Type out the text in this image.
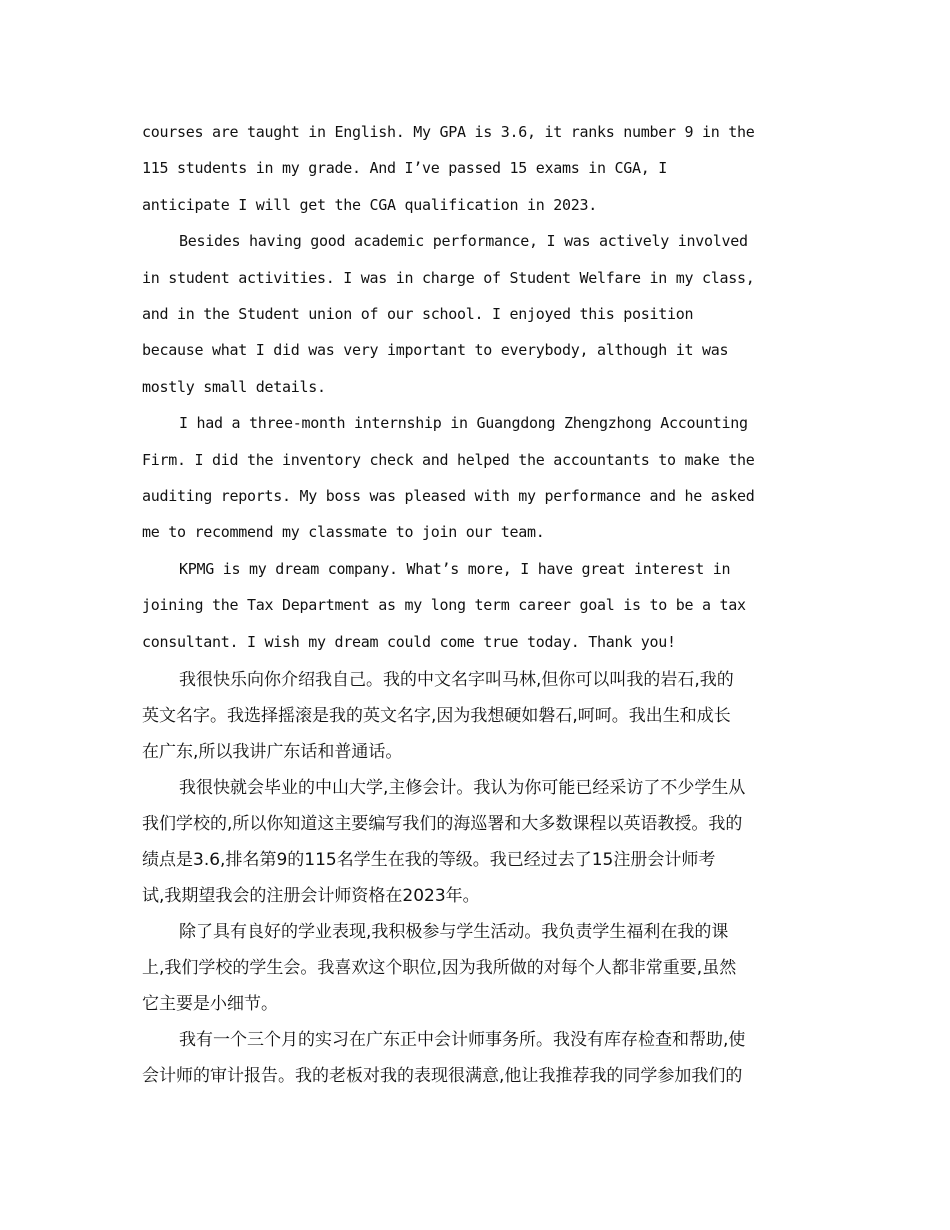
courses are taught in English. My GPA is 3.6, it ranks number 9 in the

115 students in my grade. And I’ve passed 15 exams in CGA, I

anticipate I will get the CGA qualification in 2023.

Besides having good academic performance, I was actively involved

in student activities. I was in charge of Student Welfare in my class,

and in the Student union of our school. I enjoyed this position

because what I did was very important to everybody, although it was

mostly small details.

I had a three-month internship in Guangdong Zhengzhong Accounting

Firm. I did the inventory check and helped the accountants to make the

auditing reports. My boss was pleased with my performance and he asked

me to recommend my classmate to join our team.

KPMG is my dream company. What’s more, I have great interest in

joining the Tax Department as my long term career goal is to be a tax

consultant. I wish my dream could come true today. Thank you!

我很快乐向你介绍我自己。我的中文名字叫马林,但你可以叫我的岩石,我的

英文名字。我选择摇滚是我的英文名字,因为我想硬如磐石,呵呵。我出生和成长

在广东,所以我讲广东话和普通话。

我很快就会毕业的中山大学,主修会计。我认为你可能已经采访了不少学生从

我们学校的,所以你知道这主要编写我们的海巡署和大多数课程以英语教授。我的

绩点是3.6,排名第9的115名学生在我的等级。我已经过去了15注册会计师考

试,我期望我会的注册会计师资格在2023年。

除了具有良好的学业表现,我积极参与学生活动。我负责学生福利在我的课

上,我们学校的学生会。我喜欢这个职位,因为我所做的对每个人都非常重要,虽然

它主要是小细节。

我有一个三个月的实习在广东正中会计师事务所。我没有库存检查和帮助,使

会计师的审计报告。我的老板对我的表现很满意,他让我推荐我的同学参加我们的
